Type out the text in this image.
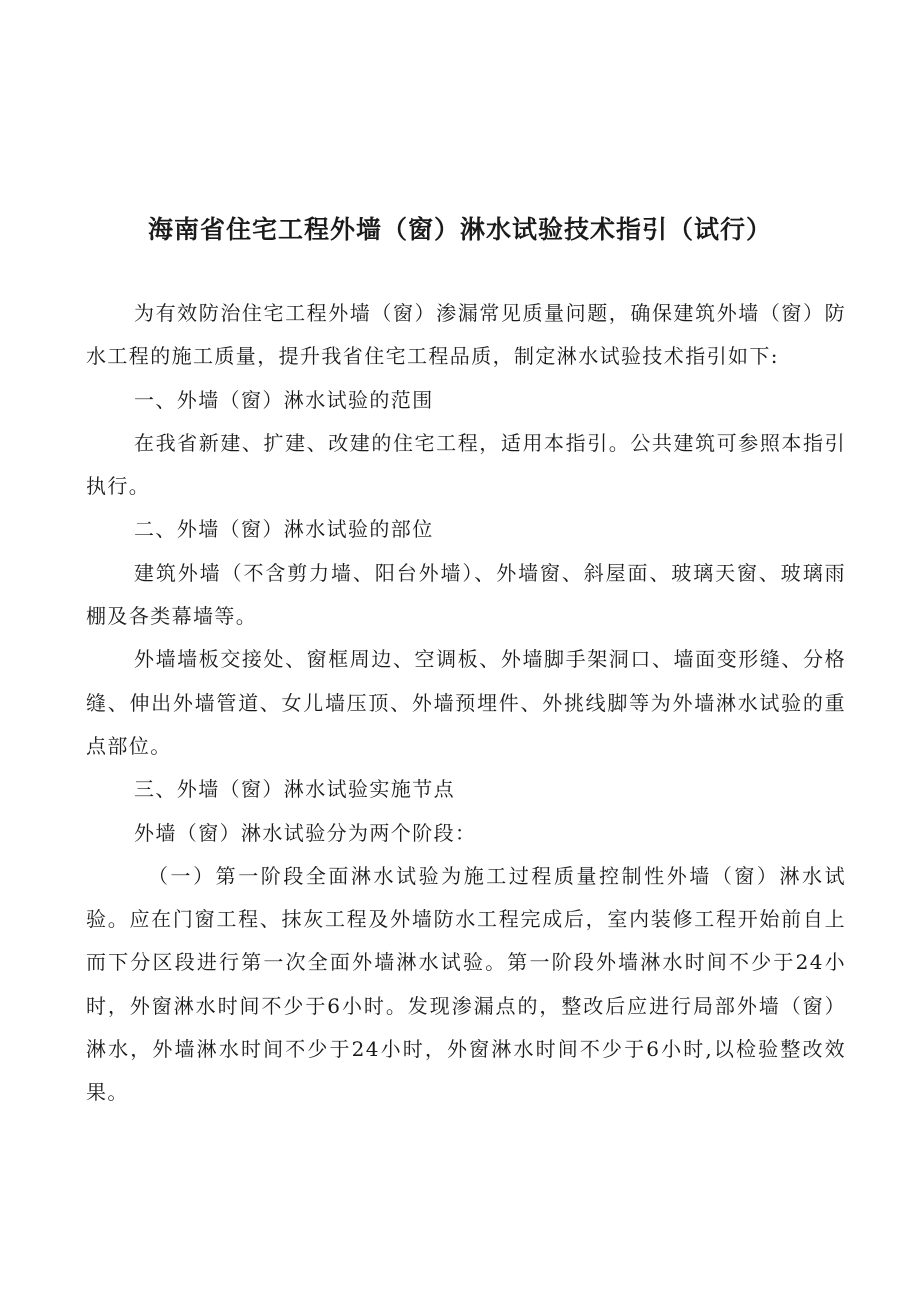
海南省住宅工程外墙（窗）淋水试验技术指引（试行）

为有效防治住宅工程外墙（窗）渗漏常见质量问题，确保建筑外墙（窗）防水工程的施工质量，提升我省住宅工程品质，制定淋水试验技术指引如下:

一、外墙（窗）淋水试验的范围

在我省新建、扩建、改建的住宅工程，适用本指引。公共建筑可参照本指引执行。

二、外墙（窗）淋水试验的部位

建筑外墙（不含剪力墙、阳台外墙）、外墙窗、斜屋面、玻璃天窗、玻璃雨棚及各类幕墙等。

外墙墙板交接处、窗框周边、空调板、外墙脚手架洞口、墙面变形缝、分格缝、伸出外墙管道、女儿墙压顶、外墙预埋件、外挑线脚等为外墙淋水试验的重点部位。

三、外墙（窗）淋水试验实施节点

外墙（窗）淋水试验分为两个阶段：

（一）第一阶段全面淋水试验为施工过程质量控制性外墙（窗）淋水试验。应在门窗工程、抹灰工程及外墙防水工程完成后，室内装修工程开始前自上而下分区段进行第一次全面外墙淋水试验。第一阶段外墙淋水时间不少于24小时，外窗淋水时间不少于6小时。发现渗漏点的，整改后应进行局部外墙（窗）淋水，外墙淋水时间不少于24小时，外窗淋水时间不少于6小时,以检验整改效果。
